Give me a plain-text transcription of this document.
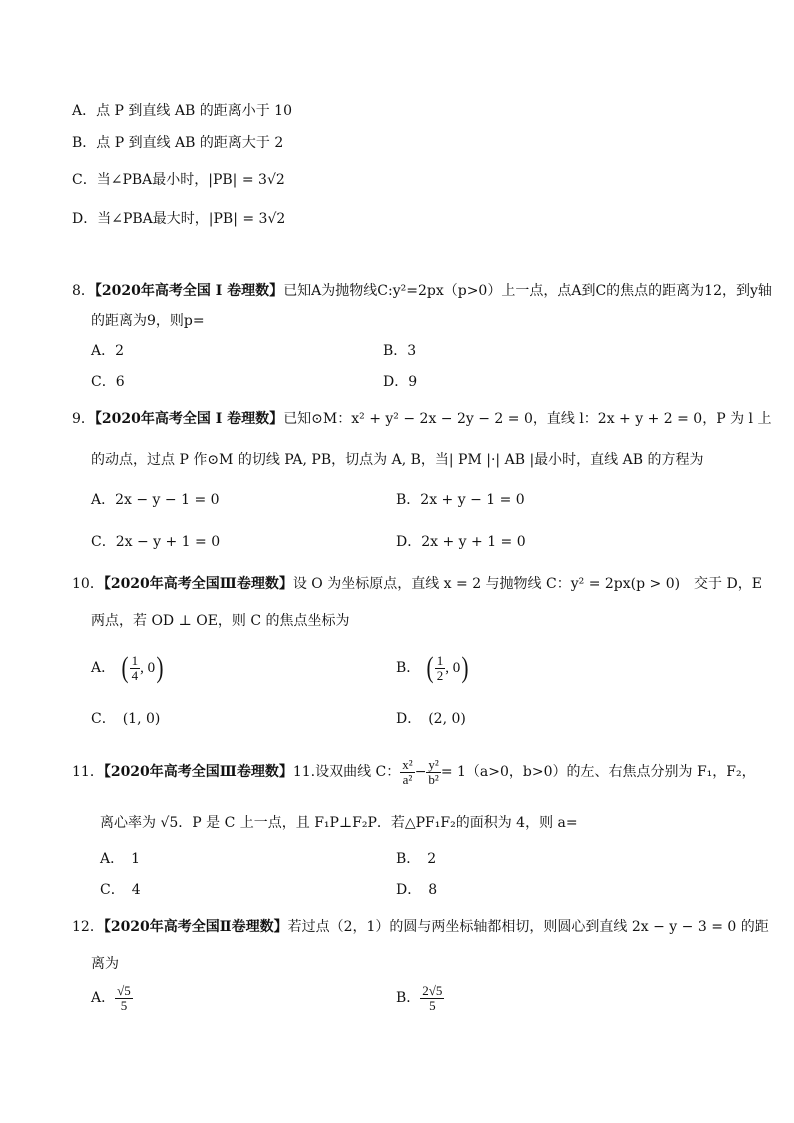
A．点 P 到直线 AB 的距离小于 10
B．点 P 到直线 AB 的距离大于 2
C．当∠PBA最小时，|PB| = 3√2
D．当∠PBA最大时，|PB| = 3√2
8．【2020年高考全国 I 卷理数】已知A为抛物线C:y²=2px（p>0）上一点，点A到C的焦点的距离为12，到y轴
的距离为9，则p=
A．2	B．3
C．6	D．9
9．【2020年高考全国 I 卷理数】已知⊙M：x² + y² − 2x − 2y − 2 = 0，直线 l：2x + y + 2 = 0，P 为 l 上
的动点，过点 P 作⊙M 的切线 PA, PB，切点为 A, B，当| PM |·| AB |最小时，直线 AB 的方程为
A．2x − y − 1 = 0	B．2x + y − 1 = 0
C．2x − y + 1 = 0	D．2x + y + 1 = 0
10．【2020年高考全国Ⅲ卷理数】设 O 为坐标原点，直线 x = 2 与抛物线 C：y² = 2px(p > 0)　交于 D，E
两点，若 OD ⊥ OE，则 C 的焦点坐标为
A． ( $\frac{1}{4}$ , 0)	B． ( $\frac{1}{2}$ , 0)
C．　(1, 0)	D．　(2, 0)
11．【2020年高考全国Ⅲ卷理数】11.设双曲线 C： $\frac{\text{x²}}{\text{a²}} - \frac{\text{y²}}{\text{b²}} = 1(a>0$，b>0）的左、右焦点分别为 F₁，F₂，
离心率为 √5．P 是 C 上一点，且 F₁P⊥F₂P．若△PF₁F₂的面积为 4，则 a=
A．　1	B．　2
C．　4	D．　8
12．【2020年高考全国Ⅱ卷理数】若过点（2，1）的圆与两坐标轴都相切，则圆心到直线 2x − y − 3 = 0 的距
离为
A． $\frac{√5}{5}$	B． $\frac{2√5}{5}$
